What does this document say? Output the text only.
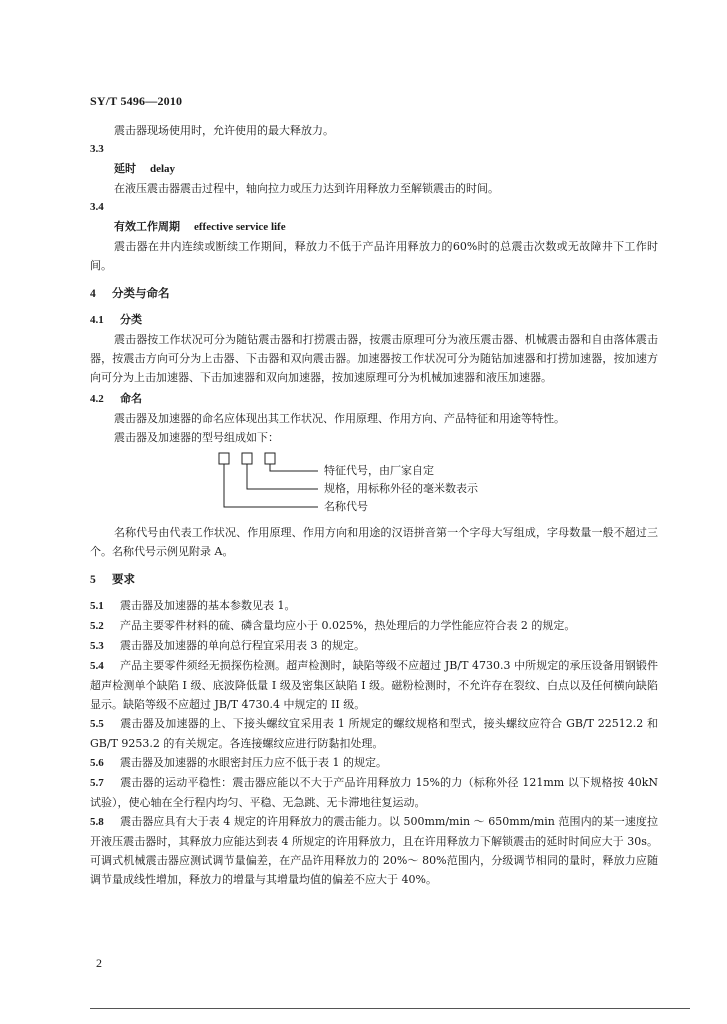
SY/T 5496—2010

震击器现场使用时，允许使用的最大释放力。

3.3

延时 delay

在液压震击器震击过程中，轴向拉力或压力达到许用释放力至解锁震击的时间。

3.4

有效工作周期 effective service life

震击器在井内连续或断续工作期间，释放力不低于产品许用释放力的60%时的总震击次数或无故障井下工作时间。

4 分类与命名

4.1 分类

震击器按工作状况可分为随钻震击器和打捞震击器，按震击原理可分为液压震击器、机械震击器和自由落体震击器，按震击方向可分为上击器、下击器和双向震击器。加速器按工作状况可分为随钻加速器和打捞加速器，按加速方向可分为上击加速器、下击加速器和双向加速器，按加速原理可分为机械加速器和液压加速器。

4.2 命名

震击器及加速器的命名应体现出其工作状况、作用原理、作用方向、产品特征和用途等特性。

震击器及加速器的型号组成如下：

特征代号，由厂家自定
规格，用标称外径的毫米数表示
名称代号

名称代号由代表工作状况、作用原理、作用方向和用途的汉语拼音第一个字母大写组成，字母数量一般不超过三个。名称代号示例见附录 A。

5 要求

5.1 震击器及加速器的基本参数见表 1。

5.2 产品主要零件材料的硫、磷含量均应小于 0.025%，热处理后的力学性能应符合表 2 的规定。

5.3 震击器及加速器的单向总行程宜采用表 3 的规定。

5.4 产品主要零件须经无损探伤检测。超声检测时，缺陷等级不应超过 JB/T 4730.3 中所规定的承压设备用钢锻件超声检测单个缺陷 I 级、底波降低量 I 级及密集区缺陷 I 级。磁粉检测时，不允许存在裂纹、白点以及任何横向缺陷显示。缺陷等级不应超过 JB/T 4730.4 中规定的 II 级。

5.5 震击器及加速器的上、下接头螺纹宜采用表 1 所规定的螺纹规格和型式，接头螺纹应符合 GB/T 22512.2 和 GB/T 9253.2 的有关规定。各连接螺纹应进行防黏扣处理。

5.6 震击器及加速器的水眼密封压力应不低于表 1 的规定。

5.7 震击器的运动平稳性：震击器应能以不大于产品许用释放力 15%的力（标称外径 121mm 以下规格按 40kN 试验），使心轴在全行程内均匀、平稳、无急跳、无卡滞地往复运动。

5.8 震击器应具有大于表 4 规定的许用释放力的震击能力。以 500mm/min ～ 650mm/min 范围内的某一速度拉开液压震击器时，其释放力应能达到表 4 所规定的许用释放力，且在许用释放力下解锁震击的延时时间应大于 30s。可调式机械震击器应测试调节量偏差，在产品许用释放力的 20%～ 80%范围内，分级调节相同的量时，释放力应随调节量成线性增加，释放力的增量与其增量均值的偏差不应大于 40%。

2
